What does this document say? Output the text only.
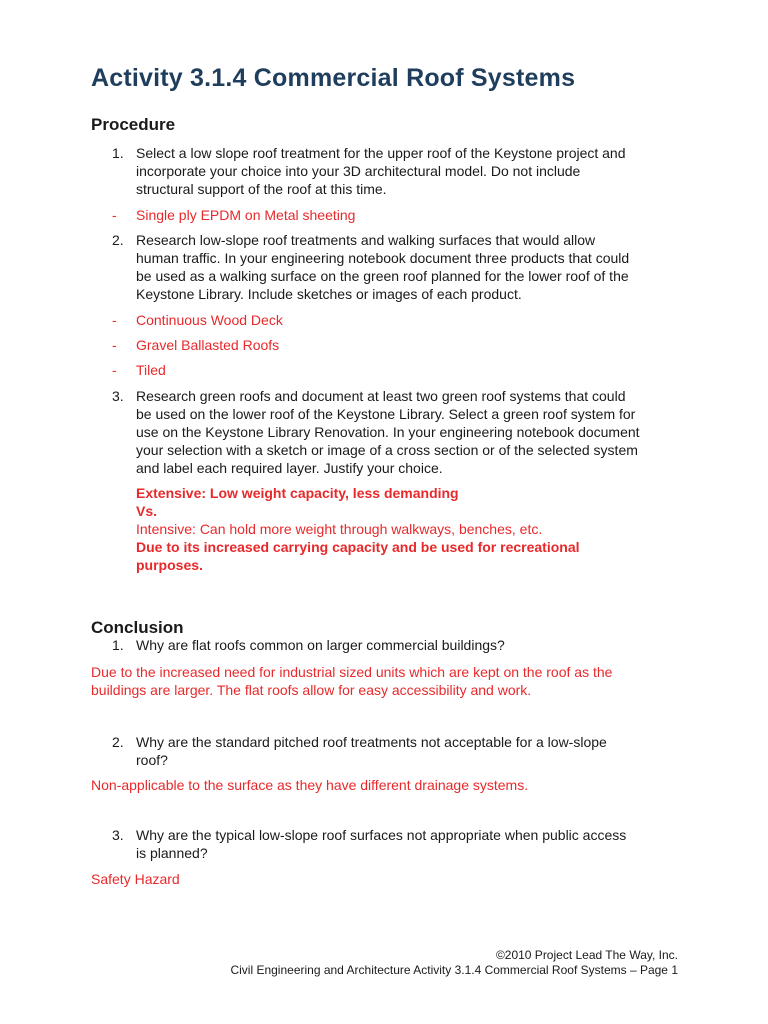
Activity 3.1.4 Commercial Roof Systems
Procedure
1. Select a low slope roof treatment for the upper roof of the Keystone project and
incorporate your choice into your 3D architectural model. Do not include
structural support of the roof at this time.
- Single ply EPDM on Metal sheeting
2. Research low-slope roof treatments and walking surfaces that would allow
human traffic. In your engineering notebook document three products that could
be used as a walking surface on the green roof planned for the lower roof of the
Keystone Library. Include sketches or images of each product.
- Continuous Wood Deck
- Gravel Ballasted Roofs
- Tiled
3. Research green roofs and document at least two green roof systems that could
be used on the lower roof of the Keystone Library. Select a green roof system for
use on the Keystone Library Renovation. In your engineering notebook document
your selection with a sketch or image of a cross section or of the selected system
and label each required layer. Justify your choice.
Extensive: Low weight capacity, less demanding
Vs.
Intensive: Can hold more weight through walkways, benches, etc.
Due to its increased carrying capacity and be used for recreational
purposes.
Conclusion
1. Why are flat roofs common on larger commercial buildings?
Due to the increased need for industrial sized units which are kept on the roof as the
buildings are larger. The flat roofs allow for easy accessibility and work.
2. Why are the standard pitched roof treatments not acceptable for a low-slope
roof?
Non-applicable to the surface as they have different drainage systems.
3. Why are the typical low-slope roof surfaces not appropriate when public access
is planned?
Safety Hazard
©2010 Project Lead The Way, Inc.
Civil Engineering and Architecture Activity 3.1.4 Commercial Roof Systems – Page 1
